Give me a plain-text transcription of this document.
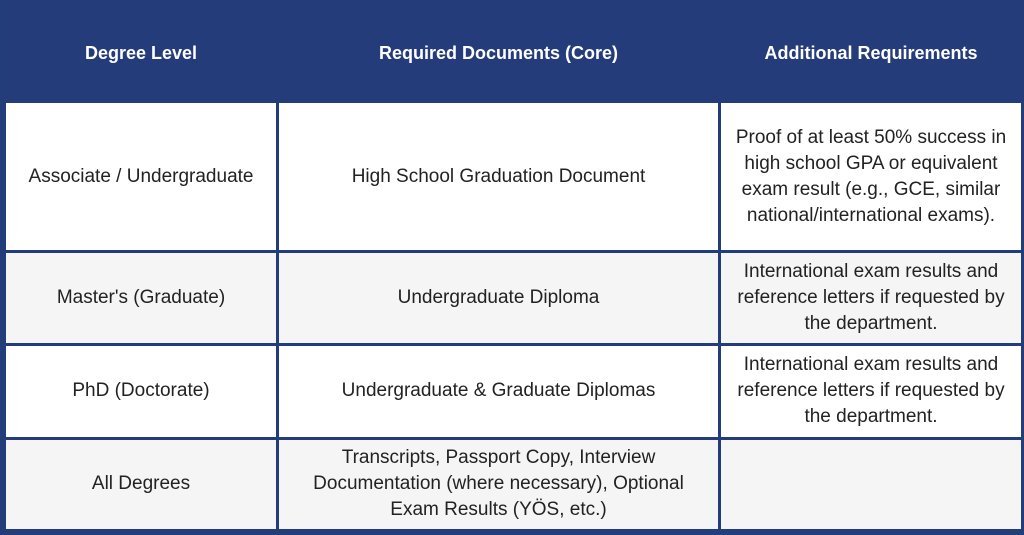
Degree Level	Required Documents (Core)	Additional Requirements
Associate / Undergraduate	High School Graduation Document	Proof of at least 50% success in high school GPA or equivalent exam result (e.g., GCE, similar national/international exams).
Master's (Graduate)	Undergraduate Diploma	International exam results and reference letters if requested by the department.
PhD (Doctorate)	Undergraduate & Graduate Diplomas	International exam results and reference letters if requested by the department.
All Degrees	Transcripts, Passport Copy, Interview Documentation (where necessary), Optional Exam Results (YÖS, etc.)	
